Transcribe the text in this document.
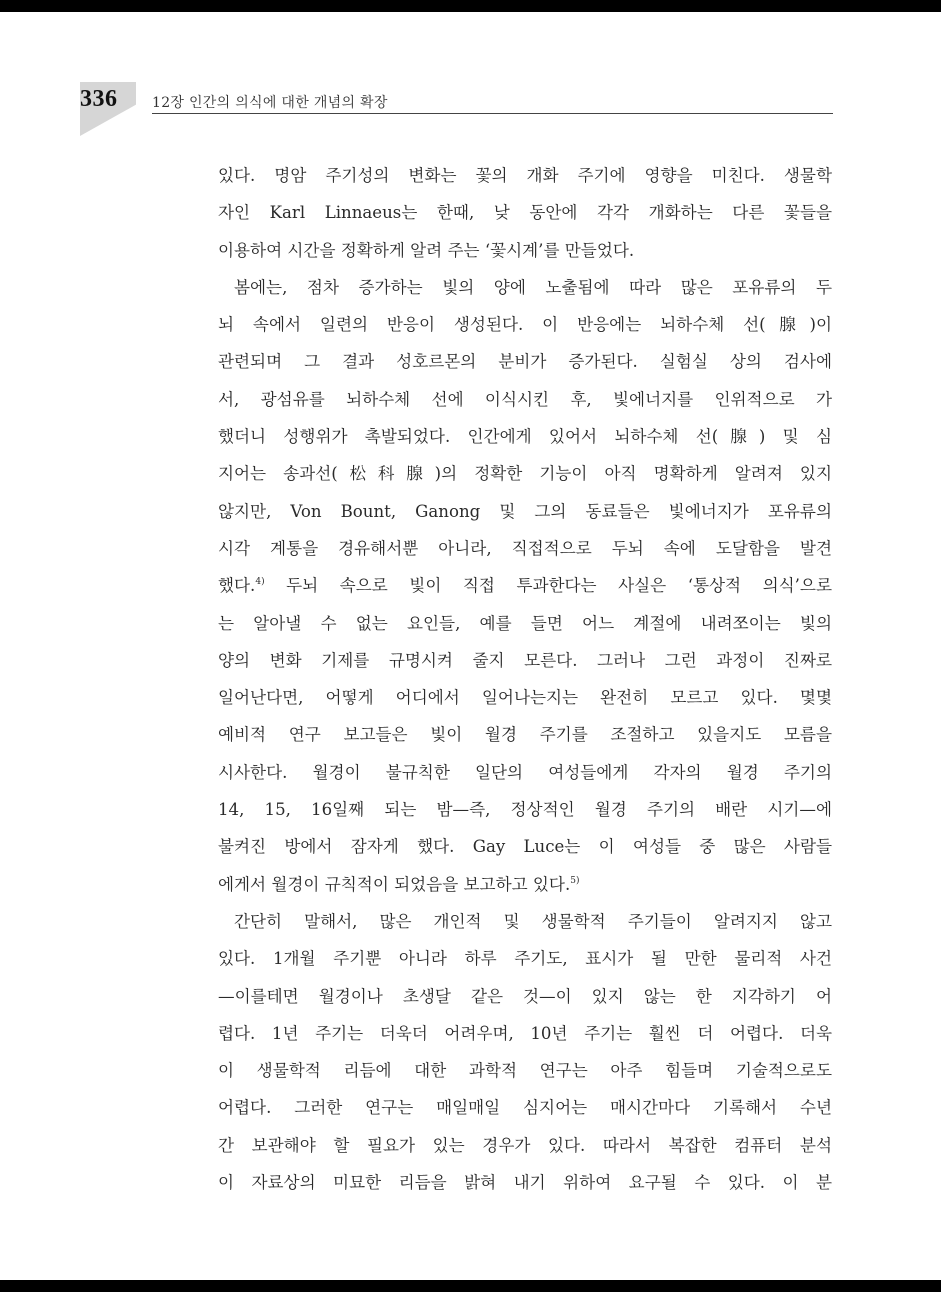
336 12장 인간의 의식에 대한 개념의 확장
있다. 명암 주기성의 변화는 꽃의 개화 주기에 영향을 미친다. 생물학
자인 Karl Linnaeus는 한때, 낮 동안에 각각 개화하는 다른 꽃들을
이용하여 시간을 정확하게 알려 주는 ‘꽃시계’를 만들었다.
봄에는, 점차 증가하는 빛의 양에 노출됨에 따라 많은 포유류의 두
뇌 속에서 일련의 반응이 생성된다. 이 반응에는 뇌하수체 선(腺)이
관련되며 그 결과 성호르몬의 분비가 증가된다. 실험실 상의 검사에
서, 광섬유를 뇌하수체 선에 이식시킨 후, 빛에너지를 인위적으로 가
했더니 성행위가 촉발되었다. 인간에게 있어서 뇌하수체 선(腺) 및 심
지어는 송과선(松科腺)의 정확한 기능이 아직 명확하게 알려져 있지
않지만, Von Bount, Ganong 및 그의 동료들은 빛에너지가 포유류의
시각 계통을 경유해서뿐 아니라, 직접적으로 두뇌 속에 도달함을 발견
했다.$^{4)}$ 두뇌 속으로 빛이 직접 투과한다는 사실은 ‘통상적 의식’으로
는 알아낼 수 없는 요인들, 예를 들면 어느 계절에 내려쪼이는 빛의
양의 변화 기제를 규명시켜 줄지 모른다. 그러나 그런 과정이 진짜로
일어난다면, 어떻게 어디에서 일어나는지는 완전히 모르고 있다. 몇몇
예비적 연구 보고들은 빛이 월경 주기를 조절하고 있을지도 모름을
시사한다. 월경이 불규칙한 일단의 여성들에게 각자의 월경 주기의
14, 15, 16일째 되는 밤—즉, 정상적인 월경 주기의 배란 시기—에
불켜진 방에서 잠자게 했다. Gay Luce는 이 여성들 중 많은 사람들
에게서 월경이 규칙적이 되었음을 보고하고 있다.$^{5)}$
간단히 말해서, 많은 개인적 및 생물학적 주기들이 알려지지 않고
있다. 1개월 주기뿐 아니라 하루 주기도, 표시가 될 만한 물리적 사건
—이를테면 월경이나 초생달 같은 것—이 있지 않는 한 지각하기 어
렵다. 1년 주기는 더욱더 어려우며, 10년 주기는 훨씬 더 어렵다. 더욱
이 생물학적 리듬에 대한 과학적 연구는 아주 힘들며 기술적으로도
어렵다. 그러한 연구는 매일매일 심지어는 매시간마다 기록해서 수년
간 보관해야 할 필요가 있는 경우가 있다. 따라서 복잡한 컴퓨터 분석
이 자료상의 미묘한 리듬을 밝혀 내기 위하여 요구될 수 있다. 이 분
